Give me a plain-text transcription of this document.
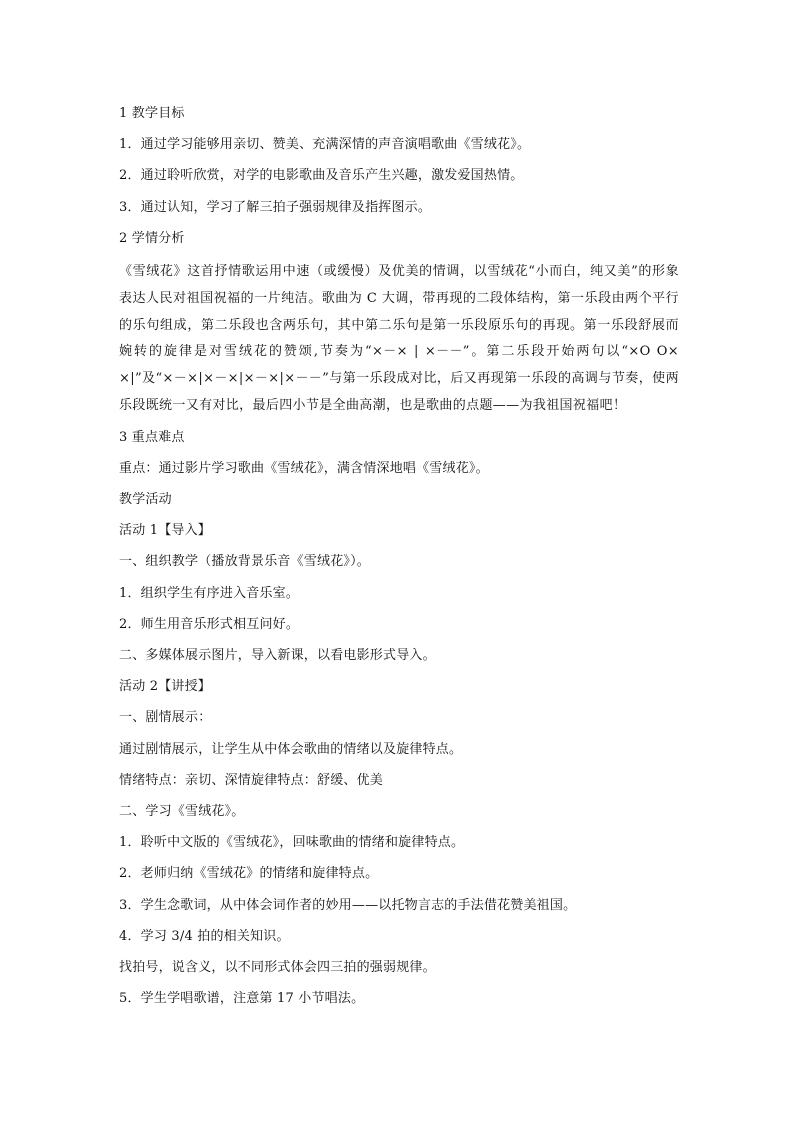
1 教学目标
1．通过学习能够用亲切、赞美、充满深情的声音演唱歌曲《雪绒花》。
2．通过聆听欣赏，对学的电影歌曲及音乐产生兴趣，激发爱国热情。
3．通过认知，学习了解三拍子强弱规律及指挥图示。
2 学情分析
《雪绒花》这首抒情歌运用中速（或缓慢）及优美的情调，以雪绒花“小而白，纯又美”的形象表达人民对祖国祝福的一片纯洁。歌曲为 C 大调，带再现的二段体结构，第一乐段由两个平行的乐句组成，第二乐段也含两乐句，其中第二乐句是第一乐段原乐句的再现。第一乐段舒展而婉转的旋律是对雪绒花的赞颂,节奏为“×－× | ×－－”。第二乐段开始两句以“×O O× ×|”及“×－×|×－×|×－×|×－－”与第一乐段成对比，后又再现第一乐段的高调与节奏，使两乐段既统一又有对比，最后四小节是全曲高潮，也是歌曲的点题——为我祖国祝福吧！
3 重点难点
重点：通过影片学习歌曲《雪绒花》，满含情深地唱《雪绒花》。
教学活动
活动 1【导入】
一、组织教学（播放背景乐音《雪绒花》）。
1．组织学生有序进入音乐室。
2．师生用音乐形式相互问好。
二、多媒体展示图片，导入新课，以看电影形式导入。
活动 2【讲授】
一、剧情展示：
通过剧情展示，让学生从中体会歌曲的情绪以及旋律特点。
情绪特点：亲切、深情旋律特点：舒缓、优美
二、学习《雪绒花》。
1．聆听中文版的《雪绒花》，回味歌曲的情绪和旋律特点。
2．老师归纳《雪绒花》的情绪和旋律特点。
3．学生念歌词，从中体会词作者的妙用——以托物言志的手法借花赞美祖国。
4．学习 3/4 拍的相关知识。
找拍号，说含义，以不同形式体会四三拍的强弱规律。
5．学生学唱歌谱，注意第 17 小节唱法。
